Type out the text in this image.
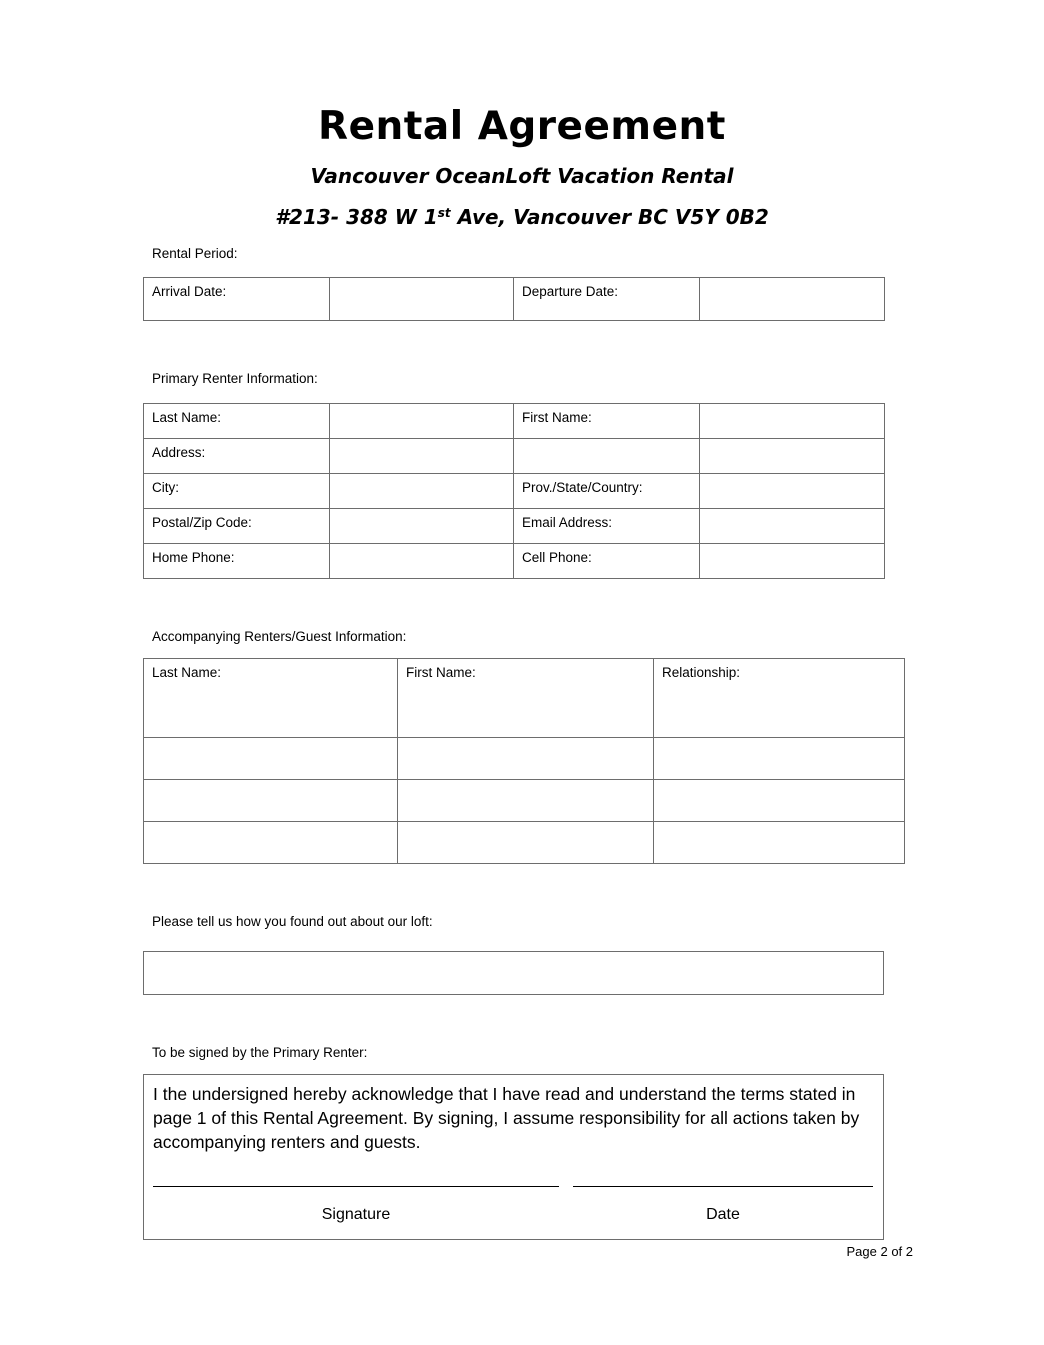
Rental Agreement
Vancouver OceanLoft Vacation Rental
#213- 388 W 1st Ave, Vancouver BC V5Y 0B2
Rental Period:
Arrival Date:		Departure Date:	
Primary Renter Information:
Last Name:		First Name:	
Address:			
City:		Prov./State/Country:	
Postal/Zip Code:		Email Address:	
Home Phone:		Cell Phone:	
Accompanying Renters/Guest Information:
Last Name:	First Name:	Relationship:

Please tell us how you found out about our loft:
To be signed by the Primary Renter:
I the undersigned hereby acknowledge that I have read and understand the terms stated in page 1 of this Rental Agreement. By signing, I assume responsibility for all actions taken by accompanying renters and guests.
Signature	Date
Page 2 of 2
